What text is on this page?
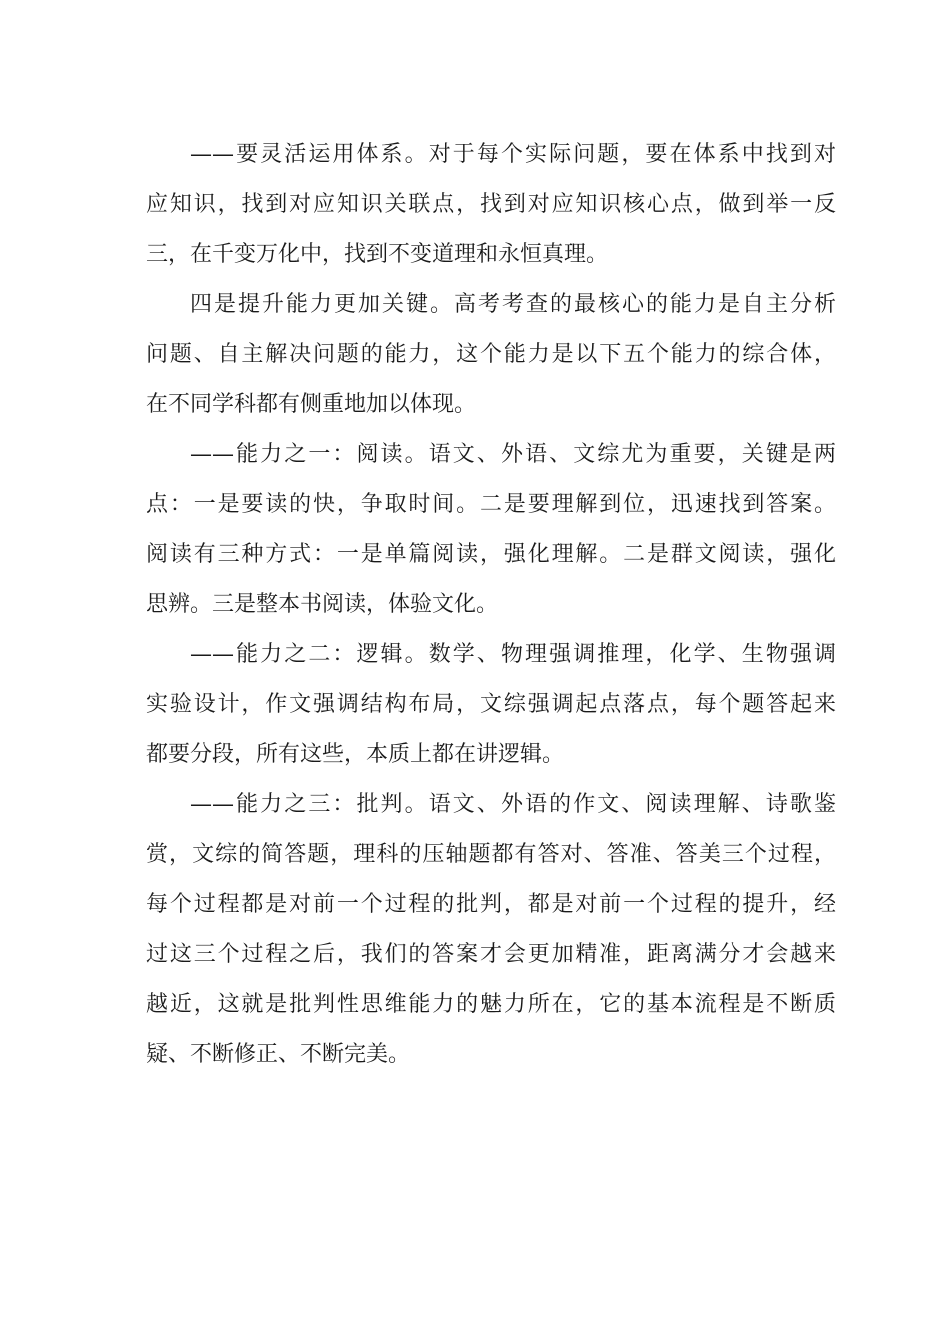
——要灵活运用体系。对于每个实际问题，要在体系中找到对
应知识，找到对应知识关联点，找到对应知识核心点，做到举一反
三，在千变万化中，找到不变道理和永恒真理。
四是提升能力更加关键。高考考查的最核心的能力是自主分析
问题、自主解决问题的能力，这个能力是以下五个能力的综合体，
在不同学科都有侧重地加以体现。
——能力之一：阅读。语文、外语、文综尤为重要，关键是两
点：一是要读的快，争取时间。二是要理解到位，迅速找到答案。
阅读有三种方式：一是单篇阅读，强化理解。二是群文阅读，强化
思辨。三是整本书阅读，体验文化。
——能力之二：逻辑。数学、物理强调推理，化学、生物强调
实验设计，作文强调结构布局，文综强调起点落点，每个题答起来
都要分段，所有这些，本质上都在讲逻辑。
——能力之三：批判。语文、外语的作文、阅读理解、诗歌鉴
赏，文综的简答题，理科的压轴题都有答对、答准、答美三个过程，
每个过程都是对前一个过程的批判，都是对前一个过程的提升，经
过这三个过程之后，我们的答案才会更加精准，距离满分才会越来
越近，这就是批判性思维能力的魅力所在，它的基本流程是不断质
疑、不断修正、不断完美。
